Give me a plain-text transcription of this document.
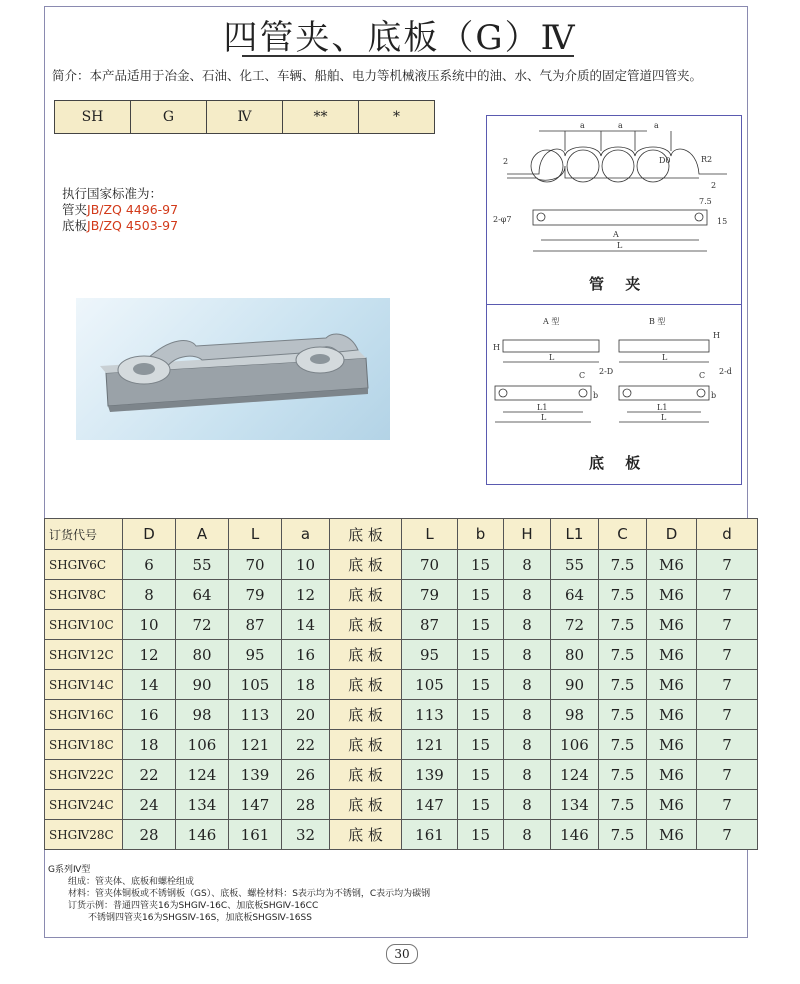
四管夹、底板（G）Ⅳ
简介：本产品适用于冶金、石油、化工、车辆、船舶、电力等机械液压系统中的油、水、气为介质的固定管道四管夹。
SH	G	Ⅳ	**	*
执行国家标准为：
管夹JB/ZQ 4496-97
底板JB/ZQ 4503-97
a	a	a
D0	R2
2
2
7.5
15
2-φ7
A
L
A 型	B 型
H
H
L	L
C 2-D	C 2-d
b	b
L1
L
L1
L
管 夹
底 板
订货代号	D	A	L	a	底 板	L	b	H	L1	C	D	d
SHGⅣ6C	6	55	70	10	底 板	70	15	8	55	7.5	M6	7
SHGⅣ8C	8	64	79	12	底 板	79	15	8	64	7.5	M6	7
SHGⅣ10C	10	72	87	14	底 板	87	15	8	72	7.5	M6	7
SHGⅣ12C	12	80	95	16	底 板	95	15	8	80	7.5	M6	7
SHGⅣ14C	14	90	105	18	底 板	105	15	8	90	7.5	M6	7
SHGⅣ16C	16	98	113	20	底 板	113	15	8	98	7.5	M6	7
SHGⅣ18C	18	106	121	22	底 板	121	15	8	106	7.5	M6	7
SHGⅣ22C	22	124	139	26	底 板	139	15	8	124	7.5	M6	7
SHGⅣ24C	24	134	147	28	底 板	147	15	8	134	7.5	M6	7
SHGⅣ28C	28	146	161	32	底 板	161	15	8	146	7.5	M6	7
G系列Ⅳ型
组成：管夹体、底板和螺栓组成
材料：管夹体铜板或不锈钢板（GS）、底板、螺栓材料：S表示均为不锈钢，C表示均为碳钢
订货示例：普通四管夹16为SHGⅣ-16C、加底板SHGⅣ-16CC
不锈钢四管夹16为SHGSⅣ-16S，加底板SHGSⅣ-16SS
30
